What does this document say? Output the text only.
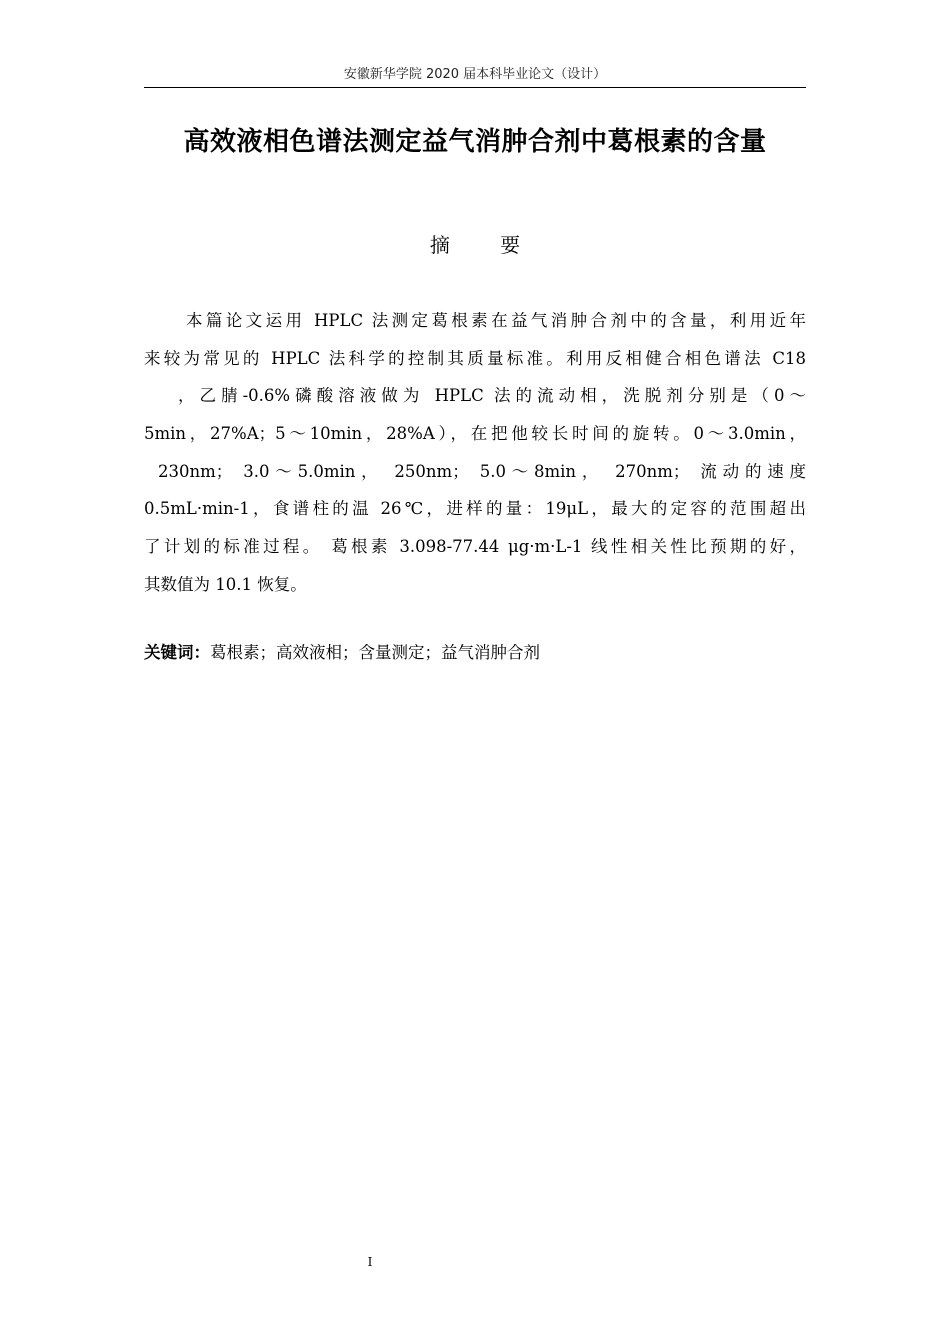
安徽新华学院 2020 届本科毕业论文（设计）
高效液相色谱法测定益气消肿合剂中葛根素的含量
摘 要
本篇论文运用 HPLC 法测定葛根素在益气消肿合剂中的含量，利用近年
来较为常见的 HPLC 法科学的控制其质量标准。利用反相健合相色谱法 C18
，乙腈-0.6%磷酸溶液做为 HPLC 法的流动相，洗脱剂分别是（0～
5min，27%A；5～10min，28%A），在把他较长时间的旋转。0～3.0min，
230nm； 3.0～5.0min， 250nm； 5.0～8min， 270nm； 流动的速度
0.5mL·min-1，食谱柱的温 26℃，进样的量：19μL，最大的定容的范围超出
了计划的标准过程。 葛根素 3.098-77.44 μg·m·L-1 线性相关性比预期的好，
其数值为 10.1 恢复。
关键词：葛根素；高效液相；含量测定；益气消肿合剂
I
